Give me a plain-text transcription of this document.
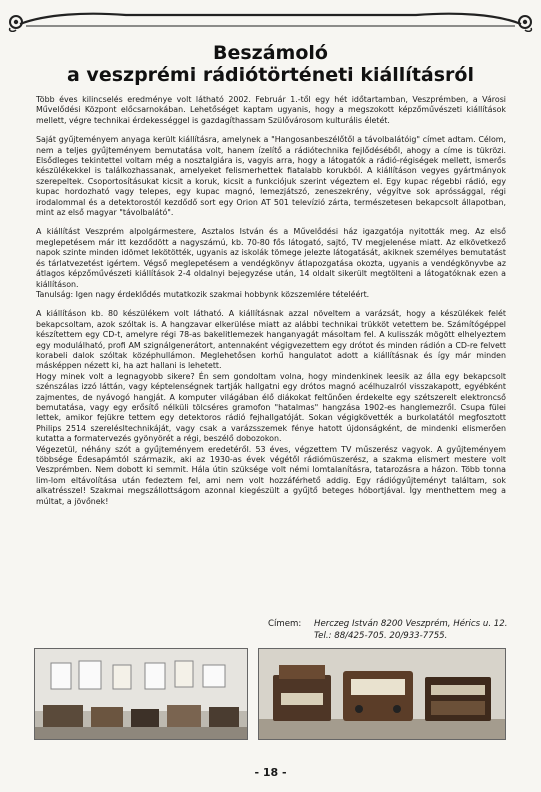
Beszámoló
a veszprémi rádiótörténeti kiállításról

Több éves kilincselés eredménye volt látható 2002. Február 1.-től egy hét időtartamban, Veszprémben, a Városi Művelődési Központ előcsarnokában. Lehetőséget kaptam ugyanis, hogy a megszokott képzőművészeti kiállítások mellett, végre technikai érdekességgel is gazdagíthassam Szülővárosom kulturális életét.

Saját gyűjteményem anyaga került kiállításra, amelynek a "Hangosanbeszélőtől a távolbalátóig" címet adtam. Célom, nem a teljes gyűjteményem bemutatása volt, hanem ízelítő a rádiótechnika fejlődéséből, ahogy a címe is tükrözi. Elsődleges tekintettel voltam még a nosztalgiára is, vagyis arra, hogy a látogatók a rádió-régiségek mellett, ismerős készülékekkel is találkozhassanak, amelyeket felismerhettek fiatalabb korukból. A kiállításon vegyes gyártmányok szerepeltek. Csoportosításukat kicsit a koruk, kicsit a funkciójuk szerint végeztem el. Egy kupac régebbi rádió, egy kupac hordozható vagy telepes, egy kupac magnó, lemezjátszó, zeneszekrény, végyítve sok apróssággal, régi irodalommal és a detektorostól kezdődő sort egy Orion AT 501 televízió zárta, természetesen bekapcsolt állapotban, mint az első magyar "távolbalátó".

A kiállítást Veszprém alpolgármestere, Asztalos István és a Művelődési ház igazgatója nyitották meg. Az első meglepetésem már itt kezdődött a nagyszámú, kb. 70-80 fős látogató, sajtó, TV megjelenése miatt. Az elkövetkező napok szinte minden idömet lekötötték, ugyanis az iskolák tömege jelezte látogatását, akiknek személyes bemutatást és tárlatvezetést igértem. Végső meglepetésem a vendégkönyv átlapozgatása okozta, ugyanis a vendégkönyvbe az átlagos képzőművészeti kiállítások 2-4 oldalnyi bejegyzése után, 14 oldalt sikerült megtölteni a látogatóknak ezen a kiállításon.

Tanulság: Igen nagy érdeklődés mutatkozik szakmai hobbynk közszemlére tételéért.

A kiállításon kb. 80 készülékem volt látható. A kiállításnak azzal növeltem a varázsát, hogy a készülékek felét bekapcsoltam, azok szóltak is. A hangzavar elkerülése miatt az alábbi technikai trükköt vetettem be. Számítógéppel készítettem egy CD-t, amelyre régi 78-as bakelitlemezek hanganyagát másoltam fel. A kulisszák mögött elhelyeztem egy modulálható, profi AM szignálgenerátort, antennaként végigvezettem egy drótot és minden rádión a CD-re felvett korabeli dalok szóltak középhullámon. Meglehetősen korhű hangulatot adott a kiállításnak és így már minden másképpen nézett ki, ha azt hallani is lehetett.

Hogy minek volt a legnagyobb sikere? Én sem gondoltam volna, hogy mindenkinek leesik az álla egy bekapcsolt szénszálas izzó láttán, vagy képtelenségnek tartják hallgatni egy drótos magnó acélhuzalról visszakapott, egyébként zajmentes, de nyávogó hangját. A komputer világában élő diákokat feltűnően érdekelte egy szétszerelt elektroncső bemutatása, vagy egy erősítő nélküli tölcséres gramofon "hatalmas" hangzása 1902-es hanglemezről. Csupa fülei lettek, amikor fejükre tettem egy detektoros rádió fejhallgatóját. Sokan végigkövették a burkolatától megfosztott Philips 2514 szerelésltechnikáját, vagy csak a varázsszemek fénye hatott újdonságként, de mindenki elismerően kutatta a formatervezés gyönyörét a régi, beszélő dobozokon.

Végezetül, néhány szót a gyűjteményem eredetéről. 53 éves, végzettem TV műszerész vagyok. A gyűjteményem többsége Édesapámtól származik, aki az 1930-as évek végétől rádiómüszerész, a szakma elismert mestere volt Veszprémben. Nem dobott ki semmit. Hála útin szüksége volt némi lomtalanításra, tatarozásra a házon. Több tonna lim-lom eltávolítása után fedeztem fel, ami nem volt hozzáférhető addig. Egy rádiógyűjteményt találtam, sok alkatrésszel! Szakmai megszállottságom azonnal kiegészült a gyűjtő beteges hóbortjával. Így menthettem meg a múltat, a jövőnek!

Címem: Herczeg István 8200 Veszprém, Hérics u. 12.
Tel.: 88/425-705. 20/933-7755.
- 18 -
